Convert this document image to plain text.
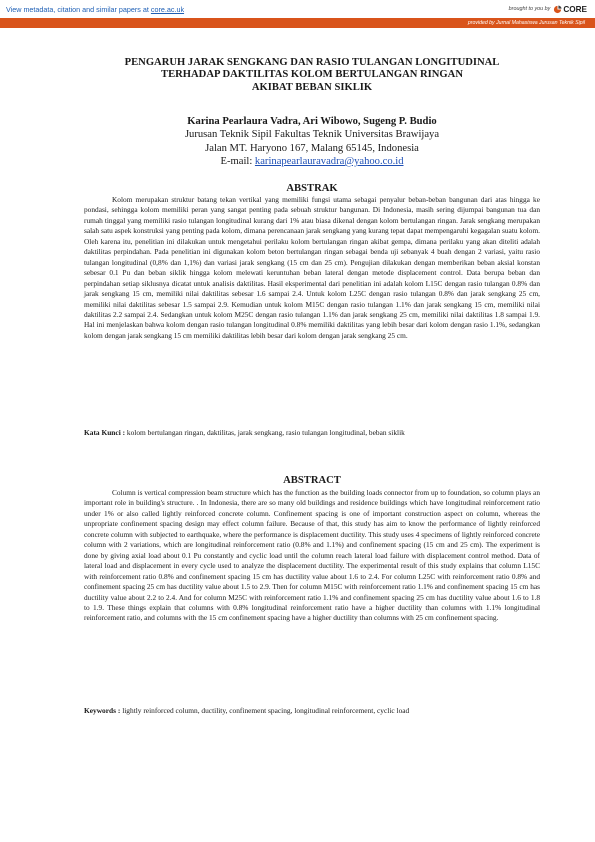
View metadata, citation and similar papers at core.ac.uk	brought to you by CORE
provided by Jurnal Mahasiswa Jurusan Teknik Sipil
PENGARUH JARAK SENGKANG DAN RASIO TULANGAN LONGITUDINAL
TERHADAP DAKTILITAS KOLOM BERTULANGAN RINGAN
AKIBAT BEBAN SIKLIK
Karina Pearlaura Vadra, Ari Wibowo, Sugeng P. Budio
Jurusan Teknik Sipil Fakultas Teknik Universitas Brawijaya
Jalan MT. Haryono 167, Malang 65145, Indonesia
E-mail: karinapearlauravadra@yahoo.co.id
ABSTRAK
Kolom merupakan struktur batang tekan vertikal yang memiliki fungsi utama sebagai penyalur beban-beban bangunan dari atas hingga ke pondasi, sehingga kolom memiliki peran yang sangat penting pada sebuah struktur bangunan. Di Indonesia, masih sering dijumpai bangunan tua dan rumah tinggal yang memiliki rasio tulangan longitudinal kurang dari 1% atau biasa dikenal dengan kolom bertulangan ringan. Jarak sengkang merupakan salah satu aspek konstruksi yang penting pada kolom, dimana perencanaan jarak sengkang yang kurang tepat dapat mempengaruhi kegagalan suatu kolom. Oleh karena itu, penelitian ini dilakukan untuk mengetahui perilaku kolom bertulangan ringan akibat gempa, dimana perilaku yang akan diteliti adalah daktilitas perpindahan. Pada penelitian ini digunakan kolom beton bertulangan ringan sebagai benda uji sebanyak 4 buah dengan 2 variasi, yaitu rasio tulangan longitudinal (0,8% dan 1,1%) dan variasi jarak sengkang (15 cm dan 25 cm). Pengujian dilakukan dengan memberikan beban aksial konstan sebesar 0.1 Pu dan beban siklik hingga kolom melewati keruntuhan beban lateral dengan metode displacement control. Data berupa beban dan perpindahan setiap siklusnya dicatat untuk analisis daktilitas. Hasil eksperimental dari penelitian ini adalah kolom L15C dengan rasio tulangan 0.8% dan jarak sengkang 15 cm, memiliki nilai daktilitas sebesar 1.6 sampai 2.4. Untuk kolom L25C dengan rasio tulangan 0.8% dan jarak sengkang 25 cm, memiliki nilai daktilitas sebesar 1.5 sampai 2.9. Kemudian untuk kolom M15C dengan rasio tulangan 1.1% dan jarak sengkang 15 cm, memiliki nilai daktilitas 2.2 sampai 2.4. Sedangkan untuk kolom M25C dengan rasio tulangan 1.1% dan jarak sengkang 25 cm, memiliki nilai daktilitas 1.8 sampai 1.9. Hal ini menjelaskan bahwa kolom dengan rasio tulangan longitudinal 0.8% memiliki daktilitas yang lebih besar dari kolom dengan rasio 1.1%, sedangkan kolom dengan jarak sengkang 15 cm memiliki daktilitas lebih besar dari kolom dengan jarak sengkang 25 cm.
Kata Kunci : kolom bertulangan ringan, daktilitas, jarak sengkang, rasio tulangan longitudinal, beban siklik
ABSTRACT
Column is vertical compression beam structure which has the function as the building loads connector from up to foundation, so column plays an important role in building's structure. . In Indonesia, there are so many old buildings and residence buildings which have longitudinal reinforcement ratio under 1% or also called lightly reinforced concrete column. Confinement spacing is one of important construction aspect on column, whereas the unpropriate confinement spacing design may effect column failure. Because of that, this study has aim to know the performance of lightly reinforced concrete column with subjected to earthquake, where the performance is displacement ductility. This study uses 4 specimens of lightly reinforced concrete column with 2 variations, which are longitudinal reinforcement ratio (0.8% and 1.1%) and confinement spacing (15 cm and 25 cm). The experiment is done by giving axial load about 0.1 Pu constantly and cyclic load until the column reach lateral load failure with displacement control method. Data of lateral load and displacement in every cycle used to analyze the displacement ductility. The experimental result of this study explains that column L15C with reinforcement ratio 0.8% and confinement spacing 15 cm has ductility value about 1.6 to 2.4. For column L25C with reinforcement ratio 0.8% and confinement spacing 25 cm has ductility value about 1.5 to 2.9. Then for column M15C with reinforcement ratio 1.1% and confinement spacing 15 cm has ductility value about 2.2 to 2.4. And for column M25C with reinforcement ratio 1.1% and confinement spacing 25 cm has ductility value about 1.6 to 1.8 to 1.9. These things explain that columns with 0.8% longitudinal reinforcement ratio have a higher ductility than columns with 1.1% longitudinal reinforcement ratio, and columns with the 15 cm confinement spacing have a higher ductility than columns with 25 cm confinement spacing.
Keywords : lightly reinforced column, ductility, confinement spacing, longitudinal reinforcement, cyclic load
